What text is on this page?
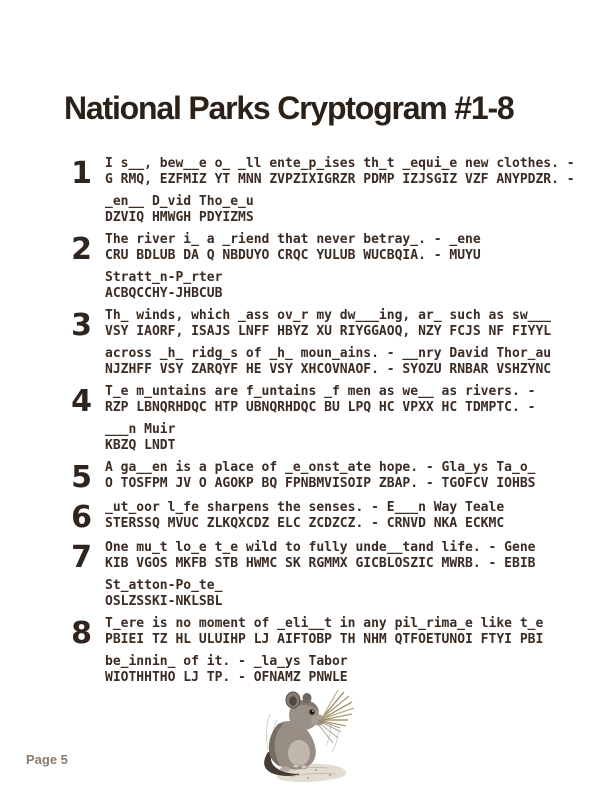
National Parks Cryptogram #1-8
1 I s__, bew__e o_ _ll ente_p_ises th_t _equi_e new clothes. -
G RMQ, EZFMIZ YT MNN ZVPZIXIGRZR PDMP IZJSGIZ VZF ANYPDZR. -
_en__ D_vid Tho_e_u
DZVIQ HMWGH PDYIZMS
2 The river i_ a _riend that never betray_. - _ene
CRU BDLUB DA Q NBDUYO CRQC YULUB WUCBQIA. - MUYU
Stratt_n-P_rter
ACBQCCHY-JHBCUB
3 Th_ winds, which _ass ov_r my dw___ing, ar_ such as sw___
VSY IAORF, ISAJS LNFF HBYZ XU RIYGGAOQ, NZY FCJS NF FIYYL
across _h_ ridg_s of _h_ moun_ains. - __nry David Thor_au
NJZHFF VSY ZARQYF HE VSY XHCOVNAOF. - SYOZU RNBAR VSHZYNC
4 T_e m_untains are f_untains _f men as we__ as rivers. -
RZP LBNQRHDQC HTP UBNQRHDQC BU LPQ HC VPXX HC TDMPTC. -
___n Muir
KBZQ LNDT
5 A ga__en is a place of _e_onst_ate hope. - Gla_ys Ta_o_
O TOSFPM JV O AGOKP BQ FPNBMVISOIP ZBAP. - TGOFCV IOHBS
6 _ut_oor l_fe sharpens the senses. - E___n Way Teale
STERSSQ MVUC ZLKQXCDZ ELC ZCDZCZ. - CRNVD NKA ECKMC
7 One mu_t lo_e t_e wild to fully unde__tand life. - Gene
KIB VGOS MKFB STB HWMC SK RGMMX GICBLOSZIC MWRB. - EBIB
St_atton-Po_te_
OSLZSSKI-NKLSBL
8 T_ere is no moment of _eli__t in any pil_rima_e like t_e
PBIEI TZ HL ULUIHP LJ AIFTOBP TH NHM QTFOETUNOI FTYI PBI
be_innin_ of it. - _la_ys Tabor
WIOTHHTHO LJ TP. - OFNAMZ PNWLE
Page 5
